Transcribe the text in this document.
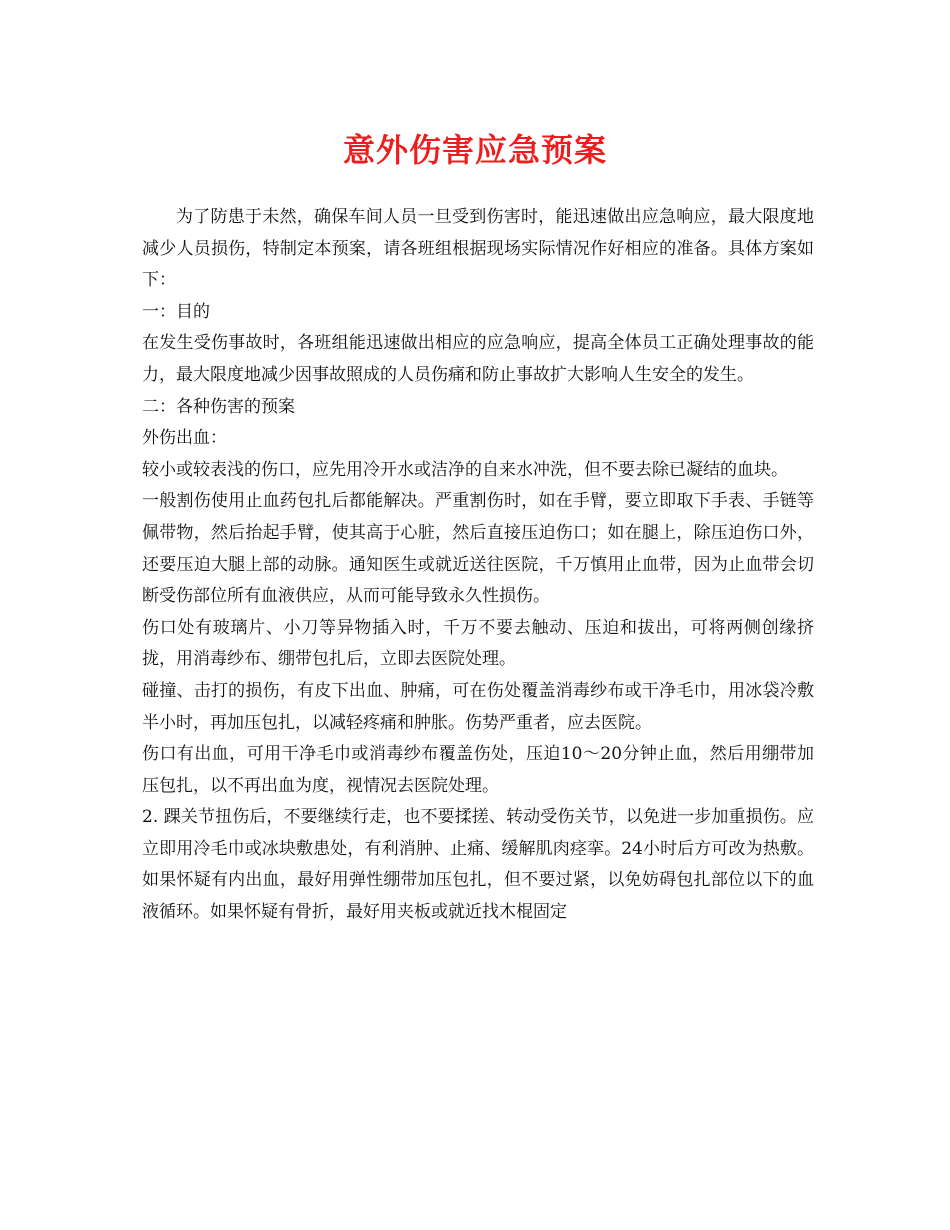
意外伤害应急预案

为了防患于未然，确保车间人员一旦受到伤害时，能迅速做出应急响应，最大限度地减少人员损伤，特制定本预案，请各班组根据现场实际情况作好相应的准备。具体方案如下：

一：目的

在发生受伤事故时，各班组能迅速做出相应的应急响应，提高全体员工正确处理事故的能力，最大限度地减少因事故照成的人员伤痛和防止事故扩大影响人生安全的发生。

二：各种伤害的预案

外伤出血：

较小或较表浅的伤口，应先用冷开水或洁净的自来水冲洗，但不要去除已凝结的血块。

一般割伤使用止血药包扎后都能解决。严重割伤时，如在手臂，要立即取下手表、手链等佩带物，然后抬起手臂，使其高于心脏，然后直接压迫伤口；如在腿上，除压迫伤口外，还要压迫大腿上部的动脉。通知医生或就近送往医院，千万慎用止血带，因为止血带会切断受伤部位所有血液供应，从而可能导致永久性损伤。

伤口处有玻璃片、小刀等异物插入时，千万不要去触动、压迫和拔出，可将两侧创缘挤拢，用消毒纱布、绷带包扎后，立即去医院处理。

碰撞、击打的损伤，有皮下出血、肿痛，可在伤处覆盖消毒纱布或干净毛巾，用冰袋冷敷半小时，再加压包扎，以减轻疼痛和肿胀。伤势严重者，应去医院。

伤口有出血，可用干净毛巾或消毒纱布覆盖伤处，压迫10～20分钟止血，然后用绷带加压包扎，以不再出血为度，视情况去医院处理。

2. 踝关节扭伤后，不要继续行走，也不要揉搓、转动受伤关节，以免进一步加重损伤。应立即用冷毛巾或冰块敷患处，有利消肿、止痛、缓解肌肉痉挛。24小时后方可改为热敷。如果怀疑有内出血，最好用弹性绷带加压包扎，但不要过紧，以免妨碍包扎部位以下的血液循环。如果怀疑有骨折，最好用夹板或就近找木棍固定
